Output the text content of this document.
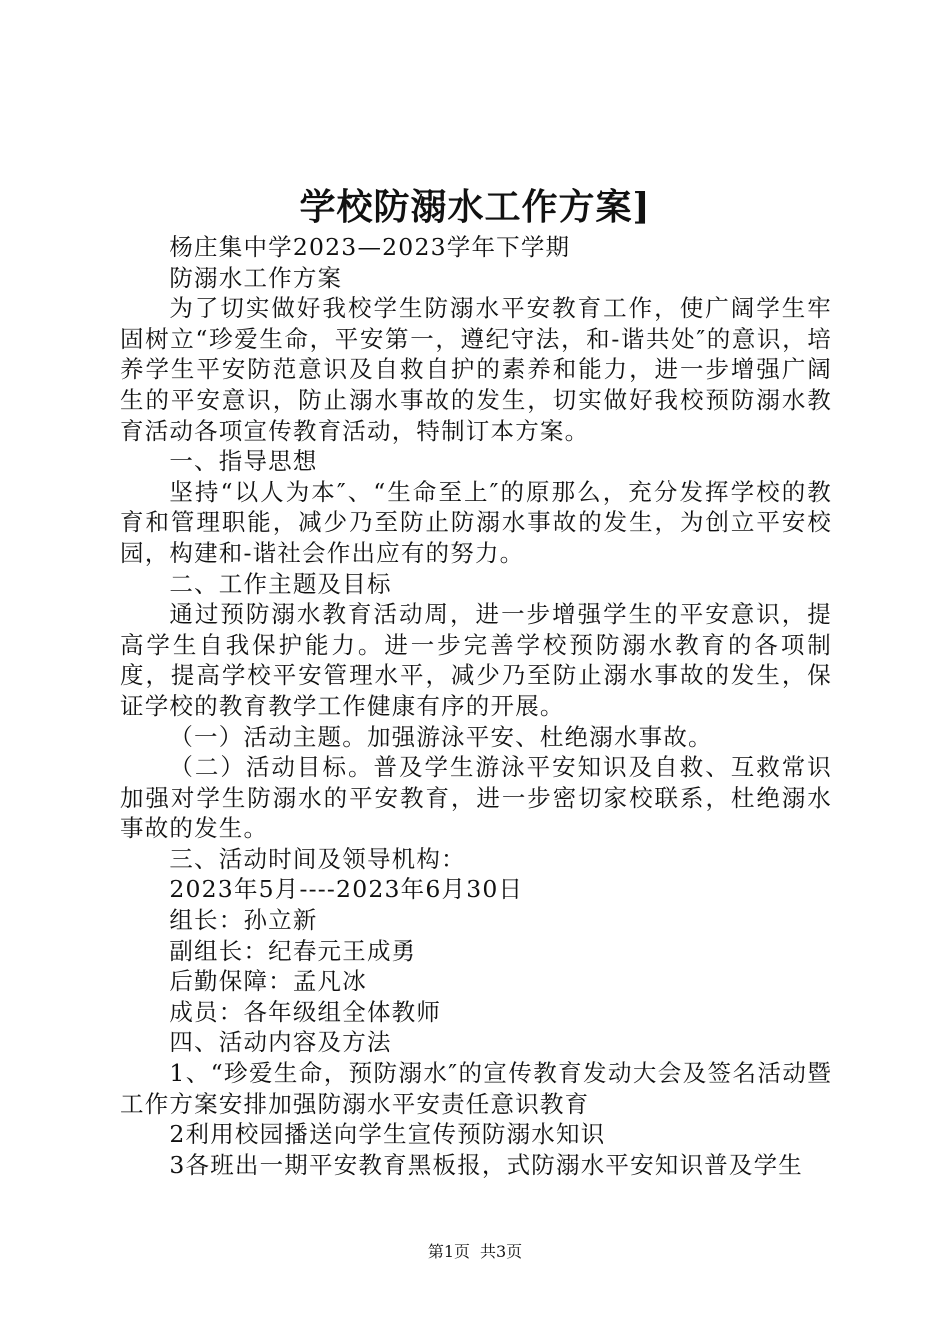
学校防溺水工作方案]

杨庄集中学2023—2023学年下学期

防溺水工作方案

为了切实做好我校学生防溺水平安教育工作，使广阔学生牢固树立“珍爱生命，平安第一，遵纪守法，和-谐共处″的意识，培养学生平安防范意识及自救自护的素养和能力，进一步增强广阔生的平安意识，防止溺水事故的发生，切实做好我校预防溺水教育活动各项宣传教育活动，特制订本方案。

一、指导思想

坚持“以人为本″、“生命至上″的原那么，充分发挥学校的教育和管理职能，减少乃至防止防溺水事故的发生，为创立平安校园，构建和-谐社会作出应有的努力。

二、工作主题及目标

通过预防溺水教育活动周，进一步增强学生的平安意识，提高学生自我保护能力。进一步完善学校预防溺水教育的各项制度，提高学校平安管理水平，减少乃至防止溺水事故的发生，保证学校的教育教学工作健康有序的开展。

（一）活动主题。加强游泳平安、杜绝溺水事故。

（二）活动目标。普及学生游泳平安知识及自救、互救常识加强对学生防溺水的平安教育，进一步密切家校联系，杜绝溺水事故的发生。

三、活动时间及领导机构：

2023年5月----2023年6月30日

组长：孙立新

副组长：纪春元王成勇

后勤保障：孟凡冰

成员：各年级组全体教师

四、活动内容及方法

1、“珍爱生命，预防溺水″的宣传教育发动大会及签名活动暨工作方案安排加强防溺水平安责任意识教育

2利用校园播送向学生宣传预防溺水知识

3各班出一期平安教育黑板报，式防溺水平安知识普及学生

第1页 共3页
